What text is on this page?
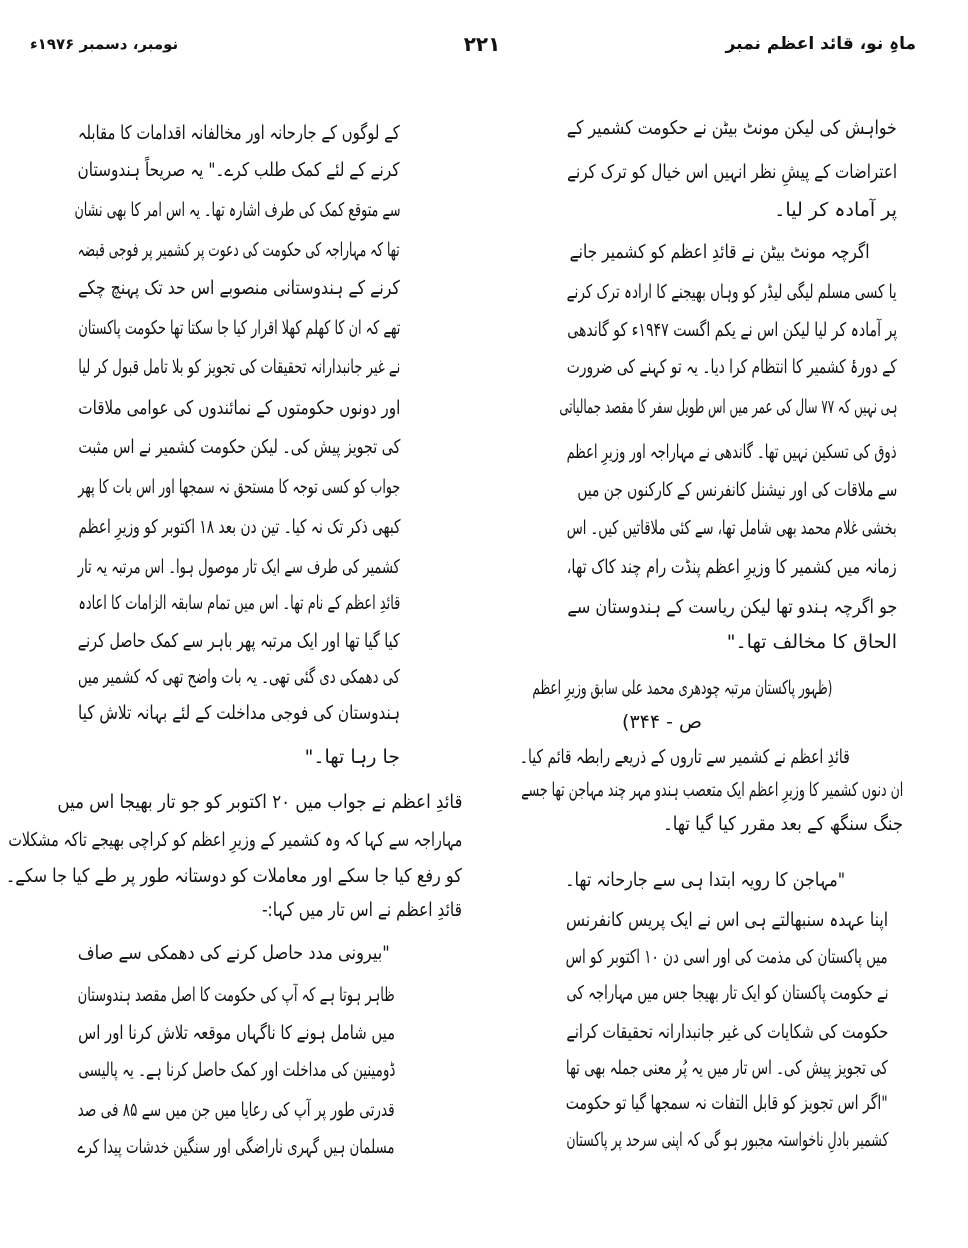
ماہِ نو، قائد اعظم نمبر
۲۲۱
نومبر، دسمبر ۱۹۷۶ء
خواہش کی لیکن مونٹ بیٹن نے حکومت کشمیر کے
اعتراضات کے پیشِ نظر انہیں اس خیال کو ترک کرنے
پر آمادہ کر لیا۔
اگرچہ مونٹ بیٹن نے قائدِ اعظم کو کشمیر جانے
یا کسی مسلم لیگی لیڈر کو وہاں بھیجنے کا ارادہ ترک کرنے
پر آمادہ کر لیا لیکن اس نے یکم اگست ۱۹۴۷ء کو گاندھی
کے دورۂ کشمیر کا انتظام کرا دیا۔ یہ تو کہنے کی ضرورت
ہی نہیں کہ ۷۷ سال کی عمر میں اس طویل سفر کا مقصد جمالیاتی
ذوق کی تسکین نہیں تھا۔ گاندھی نے مہاراجہ اور وزیرِ اعظم
سے ملاقات کی اور نیشنل کانفرنس کے کارکنوں جن میں
بخشی غلام محمد بھی شامل تھا، سے کئی ملاقاتیں کیں۔ اس
زمانہ میں کشمیر کا وزیرِ اعظم پنڈت رام چند کاک تھا،
جو اگرچہ ہندو تھا لیکن ریاست کے ہندوستان سے
الحاق کا مخالف تھا۔"
(ظہور پاکستان مرتبہ چودھری محمد علی سابق وزیرِ اعظم
ص - ۳۴۴)
قائدِ اعظم نے کشمیر سے تاروں کے ذریعے رابطہ قائم کیا۔
ان دنوں کشمیر کا وزیرِ اعظم ایک متعصب ہندو مہر چند مہاجن تھا جسے
جنگ سنگھ کے بعد مقرر کیا گیا تھا۔
"مہاجن کا رویہ ابتدا ہی سے جارحانہ تھا۔
اپنا عہدہ سنبھالتے ہی اس نے ایک پریس کانفرنس
میں پاکستان کی مذمت کی اور اسی دن ۱۰ اکتوبر کو اس
نے حکومت پاکستان کو ایک تار بھیجا جس میں مہاراجہ کی
حکومت کی شکایات کی غیر جانبدارانہ تحقیقات کرانے
کی تجویز پیش کی۔ اس تار میں یہ پُر معنی جملہ بھی تھا
"اگر اس تجویز کو قابل التفات نہ سمجھا گیا تو حکومت
کشمیر بادلِ ناخواستہ مجبور ہو گی کہ اپنی سرحد پر پاکستان
کے لوگوں کے جارحانہ اور مخالفانہ اقدامات کا مقابلہ
کرنے کے لئے کمک طلب کرے۔" یہ صریحاً ہندوستان
سے متوقع کمک کی طرف اشارہ تھا۔ یہ اس امر کا بھی نشان
تھا کہ مہاراجہ کی حکومت کی دعوت پر کشمیر پر فوجی قبضہ
کرنے کے ہندوستانی منصوبے اس حد تک پہنچ چکے
تھے کہ ان کا کھلم کھلا اقرار کیا جا سکتا تھا حکومت پاکستان
نے غیر جانبدارانہ تحقیقات کی تجویز کو بلا تامل قبول کر لیا
اور دونوں حکومتوں کے نمائندوں کی عوامی ملاقات
کی تجویز پیش کی۔ لیکن حکومت کشمیر نے اس مثبت
جواب کو کسی توجہ کا مستحق نہ سمجھا اور اس بات کا پھر
کبھی ذکر تک نہ کیا۔ تین دن بعد ۱۸ اکتوبر کو وزیرِ اعظم
کشمیر کی طرف سے ایک تار موصول ہوا۔ اس مرتبہ یہ تار
قائدِ اعظم کے نام تھا۔ اس میں تمام سابقہ الزامات کا اعادہ
کیا گیا تھا اور ایک مرتبہ پھر باہر سے کمک حاصل کرنے
کی دھمکی دی گئی تھی۔ یہ بات واضح تھی کہ کشمیر میں
ہندوستان کی فوجی مداخلت کے لئے بہانہ تلاش کیا
جا رہا تھا۔"
قائدِ اعظم نے جواب میں ۲۰ اکتوبر کو جو تار بھیجا اس میں
مہاراجہ سے کہا کہ وہ کشمیر کے وزیرِ اعظم کو کراچی بھیجے تاکہ مشکلات
کو رفع کیا جا سکے اور معاملات کو دوستانہ طور پر طے کیا جا سکے۔
قائدِ اعظم نے اس تار میں کہا:-
"بیرونی مدد حاصل کرنے کی دھمکی سے صاف
ظاہر ہوتا ہے کہ آپ کی حکومت کا اصل مقصد ہندوستان
میں شامل ہونے کا ناگہاں موقعہ تلاش کرنا اور اس
ڈومینین کی مداخلت اور کمک حاصل کرنا ہے۔ یہ پالیسی
قدرتی طور پر آپ کی رعایا میں جن میں سے ۸۵ فی صد
مسلمان ہیں گہری ناراضگی اور سنگین خدشات پیدا کرے
